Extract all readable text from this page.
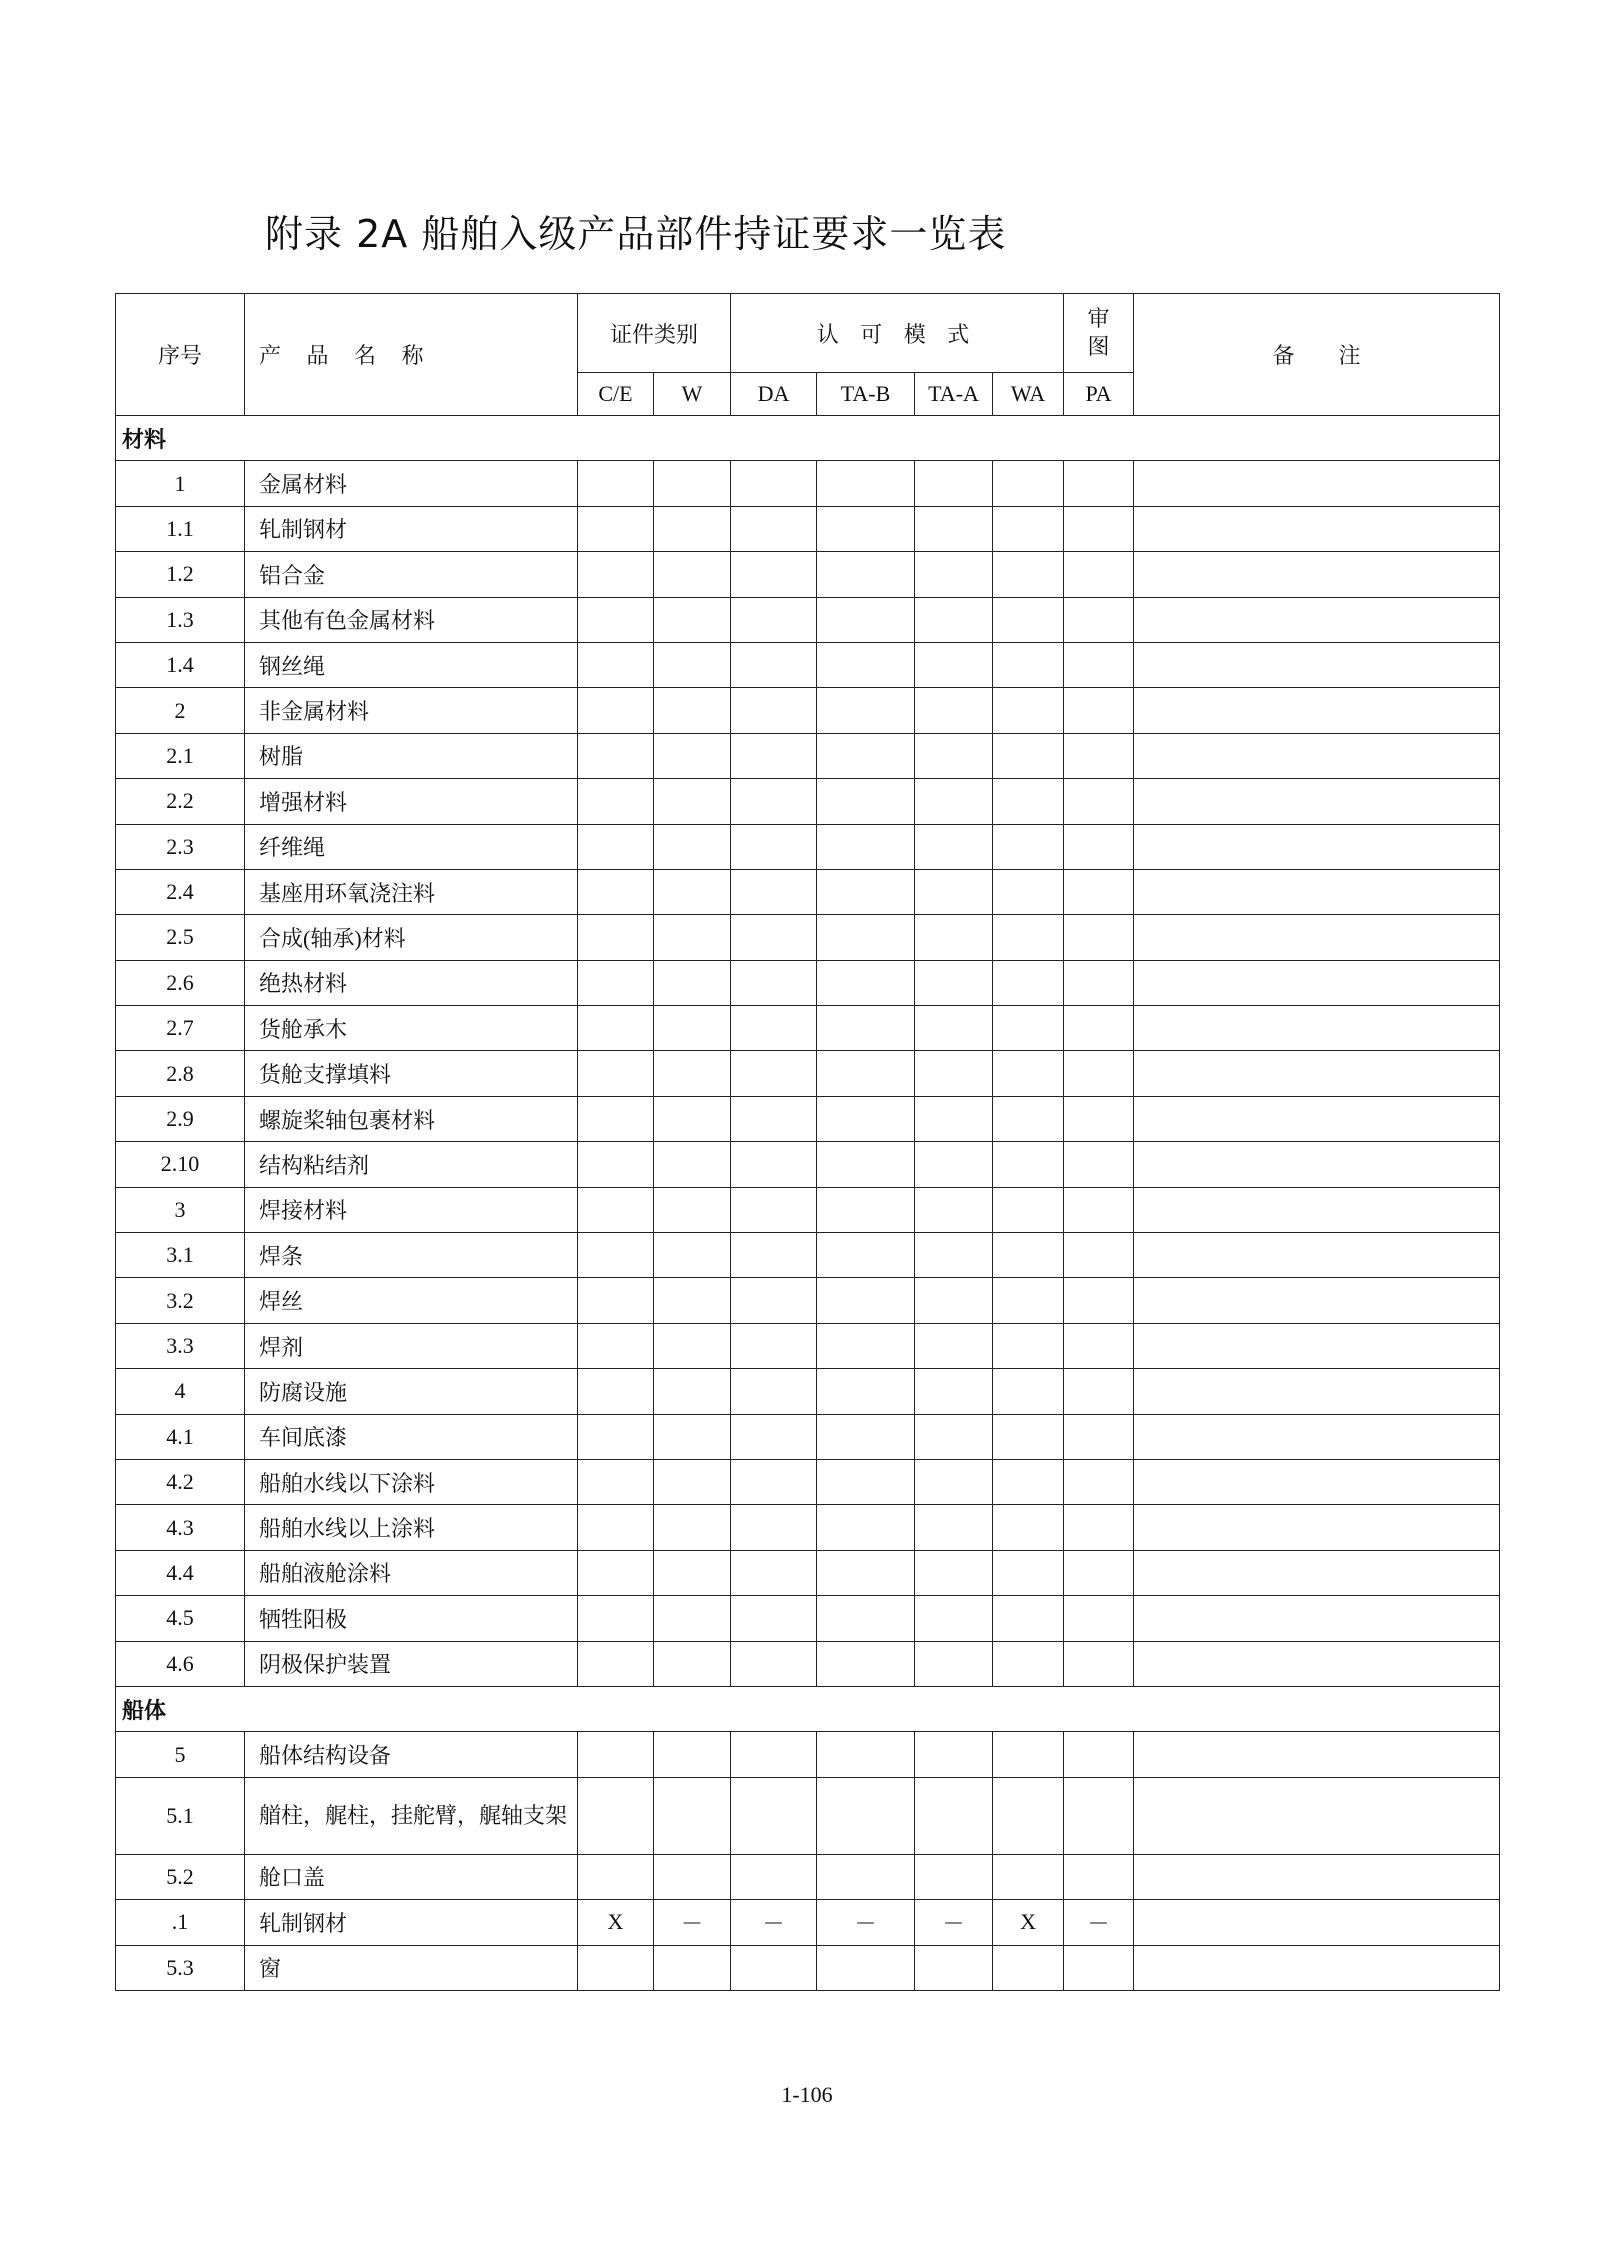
附录 2A 船舶入级产品部件持证要求一览表
序号	产 品 名 称	证件类别		认 可 模 式				审图	备　　注
		C/E	W	DA	TA-B	TA-A	WA	PA	
材料									
1	金属材料								
1.1	轧制钢材								
1.2	铝合金								
1.3	其他有色金属材料								
1.4	钢丝绳								
2	非金属材料								
2.1	树脂								
2.2	增强材料								
2.3	纤维绳								
2.4	基座用环氧浇注料								
2.5	合成(轴承)材料								
2.6	绝热材料								
2.7	货舱承木								
2.8	货舱支撑填料								
2.9	螺旋桨轴包裹材料								
2.10	结构粘结剂								
3	焊接材料								
3.1	焊条								
3.2	焊丝								
3.3	焊剂								
4	防腐设施								
4.1	车间底漆								
4.2	船舶水线以下涂料								
4.3	船舶水线以上涂料								
4.4	船舶液舱涂料								
4.5	牺牲阳极								
4.6	阴极保护装置								
船体									
5	船体结构设备								
5.1	艏柱，艉柱，挂舵臂，艉轴支架								
5.2	舱口盖								
.1	轧制钢材	X	－	－	－	－	X	－	
5.3	窗								
1-106
